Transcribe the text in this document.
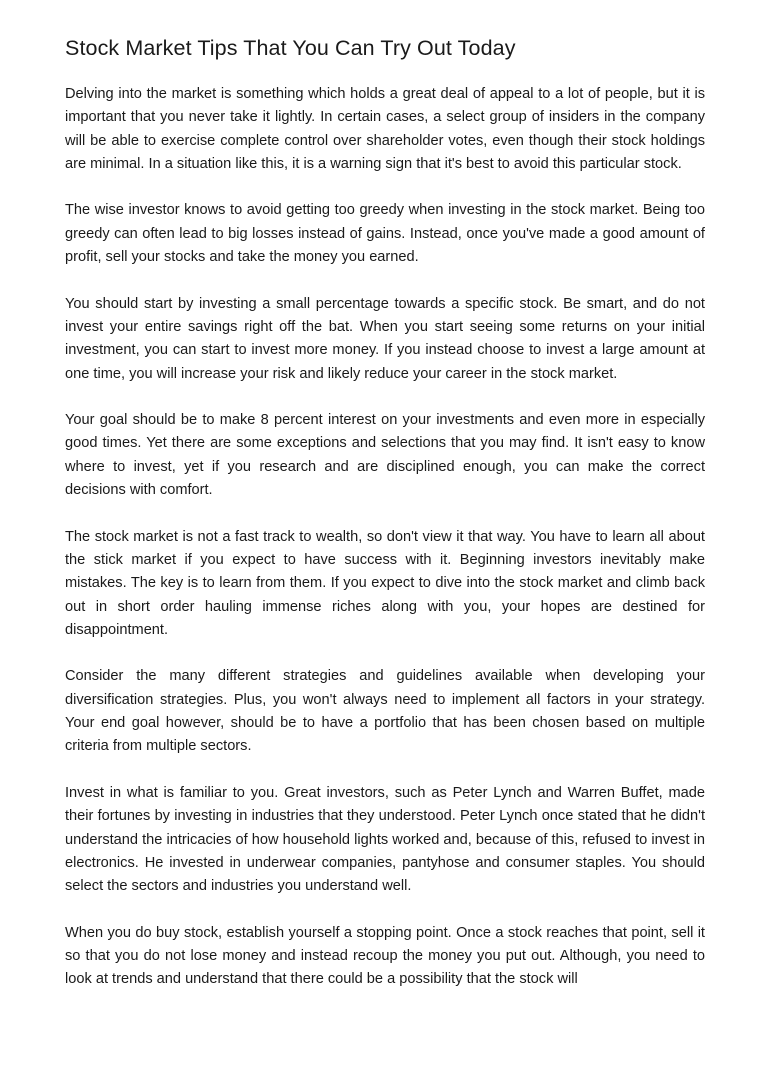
Stock Market Tips That You Can Try Out Today

Delving into the market is something which holds a great deal of appeal to a lot of people, but it is important that you never take it lightly. In certain cases, a select group of insiders in the company will be able to exercise complete control over shareholder votes, even though their stock holdings are minimal. In a situation like this, it is a warning sign that it's best to avoid this particular stock.

The wise investor knows to avoid getting too greedy when investing in the stock market. Being too greedy can often lead to big losses instead of gains. Instead, once you've made a good amount of profit, sell your stocks and take the money you earned.

You should start by investing a small percentage towards a specific stock. Be smart, and do not invest your entire savings right off the bat. When you start seeing some returns on your initial investment, you can start to invest more money. If you instead choose to invest a large amount at one time, you will increase your risk and likely reduce your career in the stock market.

Your goal should be to make 8 percent interest on your investments and even more in especially good times. Yet there are some exceptions and selections that you may find. It isn't easy to know where to invest, yet if you research and are disciplined enough, you can make the correct decisions with comfort.

The stock market is not a fast track to wealth, so don't view it that way. You have to learn all about the stick market if you expect to have success with it. Beginning investors inevitably make mistakes. The key is to learn from them. If you expect to dive into the stock market and climb back out in short order hauling immense riches along with you, your hopes are destined for disappointment.

Consider the many different strategies and guidelines available when developing your diversification strategies. Plus, you won't always need to implement all factors in your strategy. Your end goal however, should be to have a portfolio that has been chosen based on multiple criteria from multiple sectors.

Invest in what is familiar to you. Great investors, such as Peter Lynch and Warren Buffet, made their fortunes by investing in industries that they understood. Peter Lynch once stated that he didn't understand the intricacies of how household lights worked and, because of this, refused to invest in electronics. He invested in underwear companies, pantyhose and consumer staples. You should select the sectors and industries you understand well.

When you do buy stock, establish yourself a stopping point. Once a stock reaches that point, sell it so that you do not lose money and instead recoup the money you put out. Although, you need to look at trends and understand that there could be a possibility that the stock will
